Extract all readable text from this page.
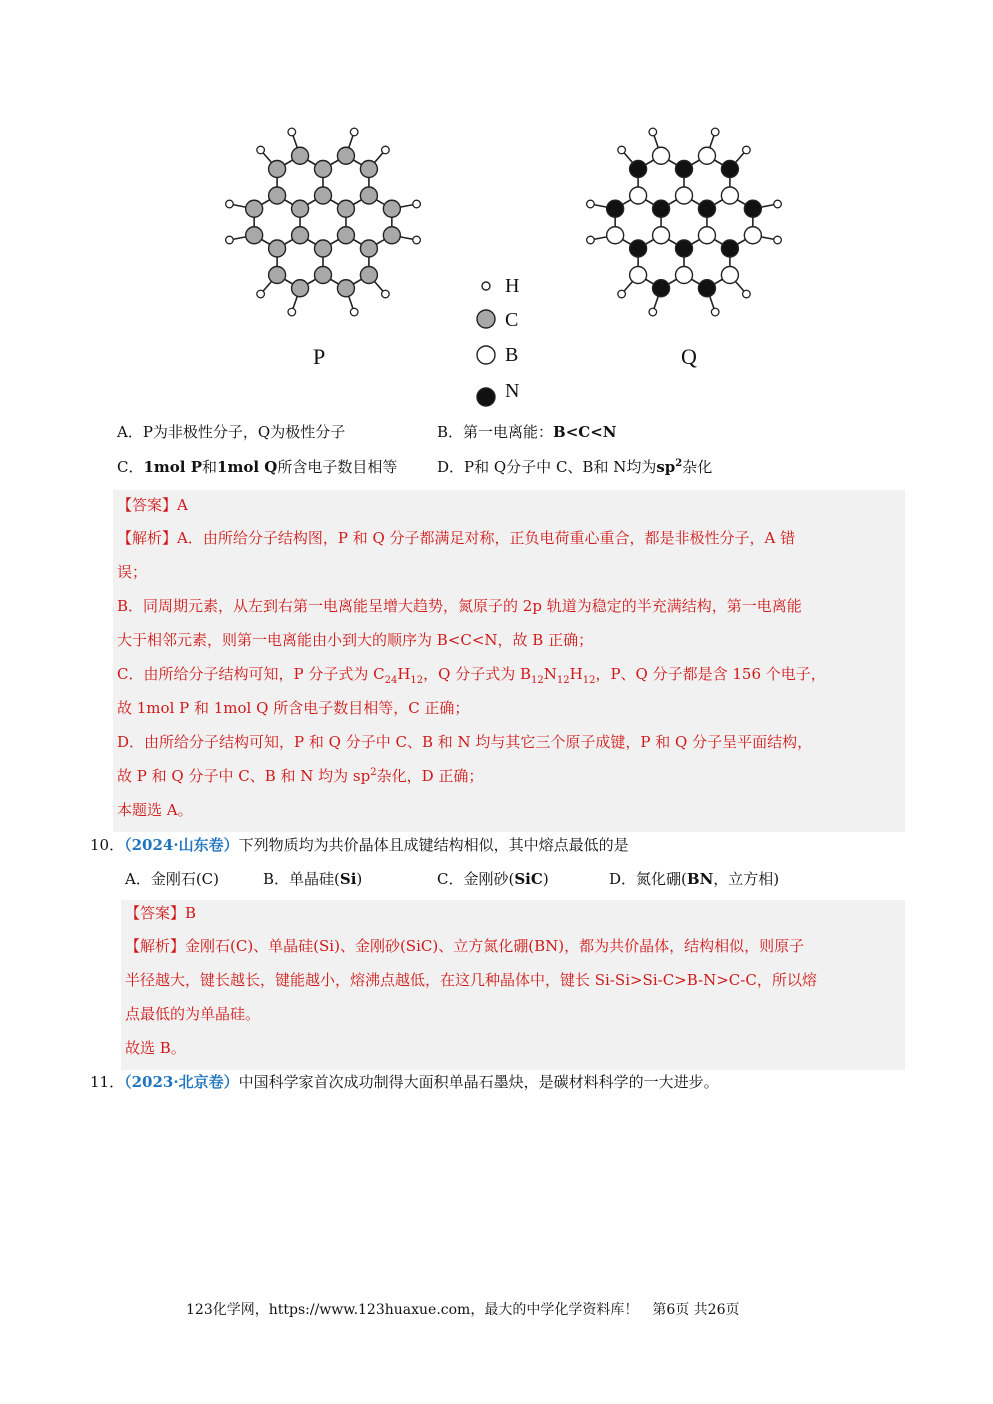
P	Q
H
C
B
N
A．P为非极性分子，Q为极性分子	B．第一电离能：B<C<N
C．1mol P和1mol Q所含电子数目相等	D．P和 Q分子中 C、B和 N均为$sp^2$杂化
【答案】A
【解析】A．由所给分子结构图，P 和 Q 分子都满足对称，正负电荷重心重合，都是非极性分子，A 错
误；
B．同周期元素，从左到右第一电离能呈增大趋势，氮原子的 2p 轨道为稳定的半充满结构，第一电离能
大于相邻元素，则第一电离能由小到大的顺序为 B<C<N，故 B 正确；
C．由所给分子结构可知，P 分子式为 $C_{24}H_{12}$，Q 分子式为 $B_{12}N_{12}H_{12}$，P、Q 分子都是含 156 个电子，
故 1mol P 和 1mol Q 所含电子数目相等，C 正确；
D．由所给分子结构可知，P 和 Q 分子中 C、B 和 N 均与其它三个原子成键，P 和 Q 分子呈平面结构，
故 P 和 Q 分子中 C、B 和 N 均为 $sp^2$杂化，D 正确；
本题选 A。
10．（2024·山东卷）下列物质均为共价晶体且成键结构相似，其中熔点最低的是
A．金刚石(C)	B．单晶硅(Si)	C．金刚砂(SiC)	D．氮化硼(BN，立方相)
【答案】B
【解析】金刚石(C)、单晶硅(Si)、金刚砂(SiC)、立方氮化硼(BN)，都为共价晶体，结构相似，则原子
半径越大，键长越长，键能越小，熔沸点越低，在这几种晶体中，键长 Si-Si>Si-C>B-N>C-C，所以熔
点最低的为单晶硅。
故选 B。
11．（2023·北京卷）中国科学家首次成功制得大面积单晶石墨炔，是碳材料科学的一大进步。
123化学网，https://www.123huaxue.com，最大的中学化学资料库！ 第6页 共26页
